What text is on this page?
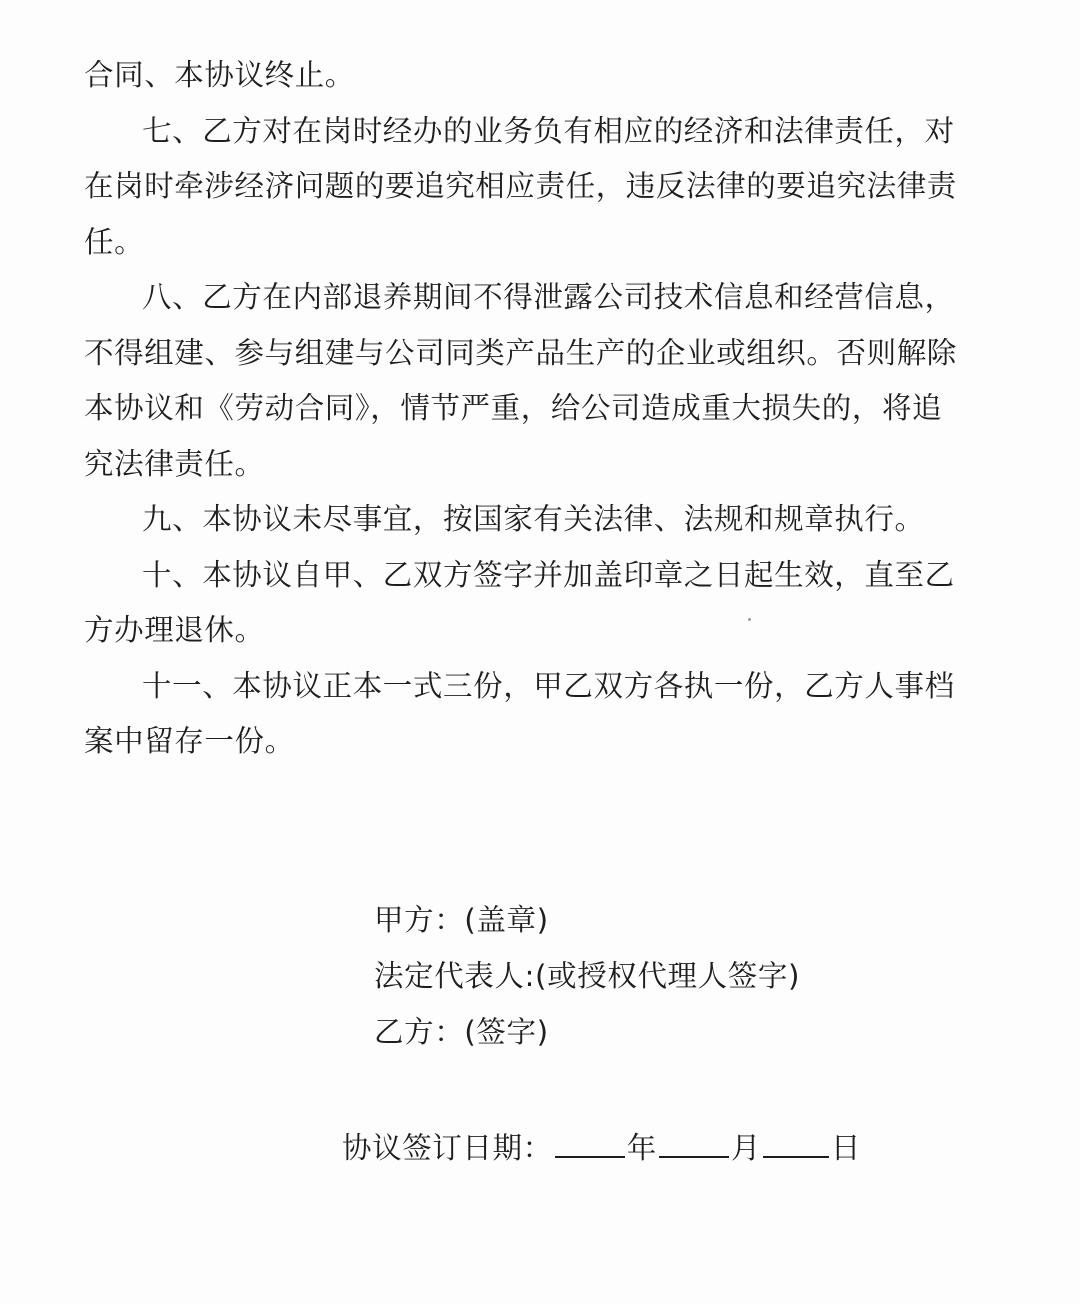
合同、本协议终止。
七、乙方对在岗时经办的业务负有相应的经济和法律责任，对
在岗时牵涉经济问题的要追究相应责任，违反法律的要追究法律责
任。
八、乙方在内部退养期间不得泄露公司技术信息和经营信息，
不得组建、参与组建与公司同类产品生产的企业或组织。否则解除
本协议和《劳动合同》，情节严重，给公司造成重大损失的，将追
究法律责任。
九、本协议未尽事宜，按国家有关法律、法规和规章执行。
十、本协议自甲、乙双方签字并加盖印章之日起生效，直至乙
方办理退休。
十一、本协议正本一式三份，甲乙双方各执一份，乙方人事档
案中留存一份。
甲方：(盖章)
法定代表人:(或授权代理人签字)
乙方：(签字)
协议签订日期：	年	月 日
